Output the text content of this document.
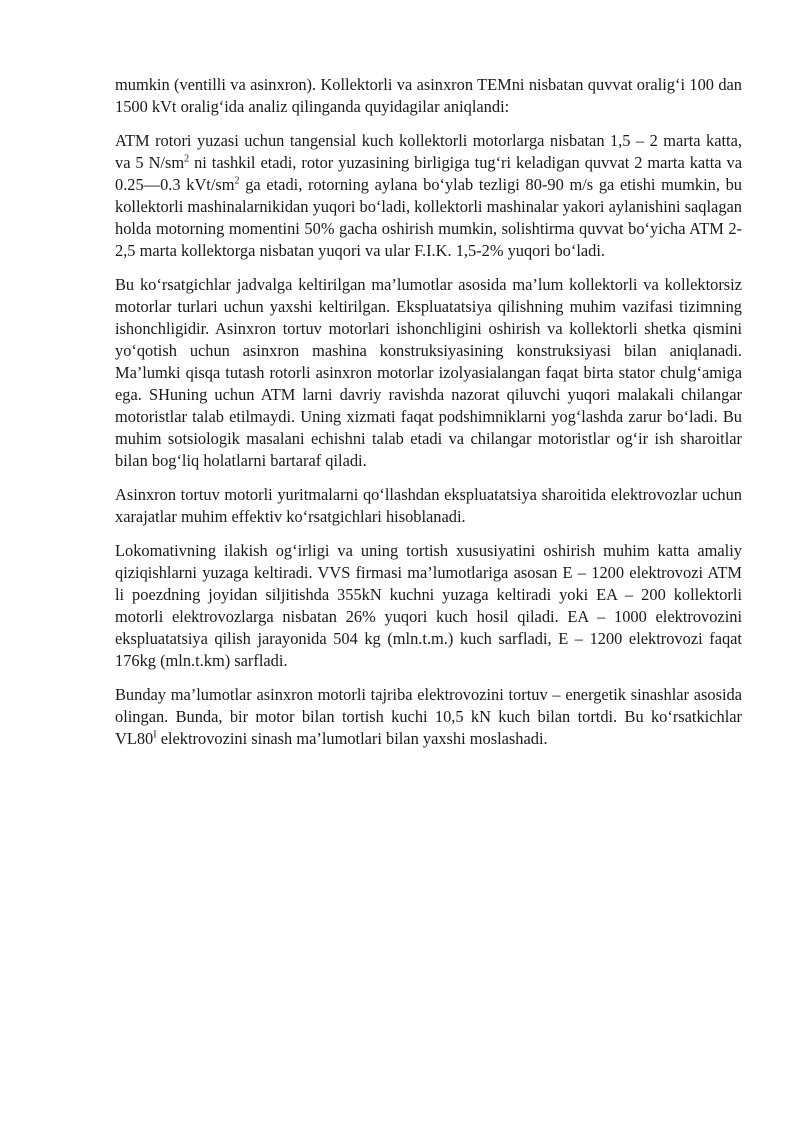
mumkin (ventilli va asinxron). Kollektorli va asinxron TEMni nisbatan quvvat oralig‘i 100 dan 1500 kVt oralig‘ida analiz qilinganda quyidagilar aniqlandi:

ATM rotori yuzasi uchun tangensial kuch kollektorli motorlarga nisbatan 1,5 – 2 marta katta, va 5 $N/sm^2$ ni tashkil etadi, rotor yuzasining birligiga tug‘ri keladigan quvvat 2 marta katta va 0.25—0.3 kVt/$sm^2$ ga etadi, rotorning aylana bo‘ylab tezligi 80-90 m/s ga etishi mumkin, bu kollektorli mashinalarnikidan yuqori bo‘ladi, kollektorli mashinalar yakori aylanishini saqlagan holda motorning momentini 50% gacha oshirish mumkin, solishtirma quvvat bo‘yicha ATM 2-2,5 marta kollektorga nisbatan yuqori va ular F.I.K. 1,5-2% yuqori bo‘ladi.

Bu ko‘rsatgichlar jadvalga keltirilgan ma’lumotlar asosida ma’lum kollektorli va kollektorsiz motorlar turlari uchun yaxshi keltirilgan. Ekspluatatsiya qilishning muhim vazifasi tizimning ishonchligidir. Asinxron tortuv motorlari ishonchligini oshirish va kollektorli shetka qismini yo‘qotish uchun asinxron mashina konstruksiyasining konstruksiyasi bilan aniqlanadi. Ma’lumki qisqa tutash rotorli asinxron motorlar izolyasialangan faqat birta stator chulg‘amiga ega. SHuning uchun ATM larni davriy ravishda nazorat qiluvchi yuqori malakali chilangar motoristlar talab etilmaydi. Uning xizmati faqat podshimniklarni yog‘lashda zarur bo‘ladi. Bu muhim sotsiologik masalani echishni talab etadi va chilangar motoristlar og‘ir ish sharoitlar bilan bog‘liq holatlarni bartaraf qiladi.

Asinxron tortuv motorli yuritmalarni qo‘llashdan ekspluatatsiya sharoitida elektrovozlar uchun xarajatlar muhim effektiv ko‘rsatgichlari hisoblanadi.

Lokomativning ilakish og‘irligi va uning tortish xususiyatini oshirish muhim katta amaliy qiziqishlarni yuzaga keltiradi. VVS firmasi ma’lumotlariga asosan E – 1200 elektrovozi ATM li poezdning joyidan siljitishda 355kN kuchni yuzaga keltiradi yoki EA – 200 kollektorli motorli elektrovozlarga nisbatan 26% yuqori kuch hosil qiladi. EA – 1000 elektrovozini ekspluatatsiya qilish jarayonida 504 kg (mln.t.m.) kuch sarfladi, E – 1200 elektrovozi faqat 176kg (mln.t.km) sarfladi.

Bunday ma’lumotlar asinxron motorli tajriba elektrovozini tortuv – energetik sinashlar asosida olingan. Bunda, bir motor bilan tortish kuchi 10,5 kN kuch bilan tortdi. Bu ko‘rsatkichlar $VL80^I$ elektrovozini sinash ma’lumotlari bilan yaxshi moslashadi.
